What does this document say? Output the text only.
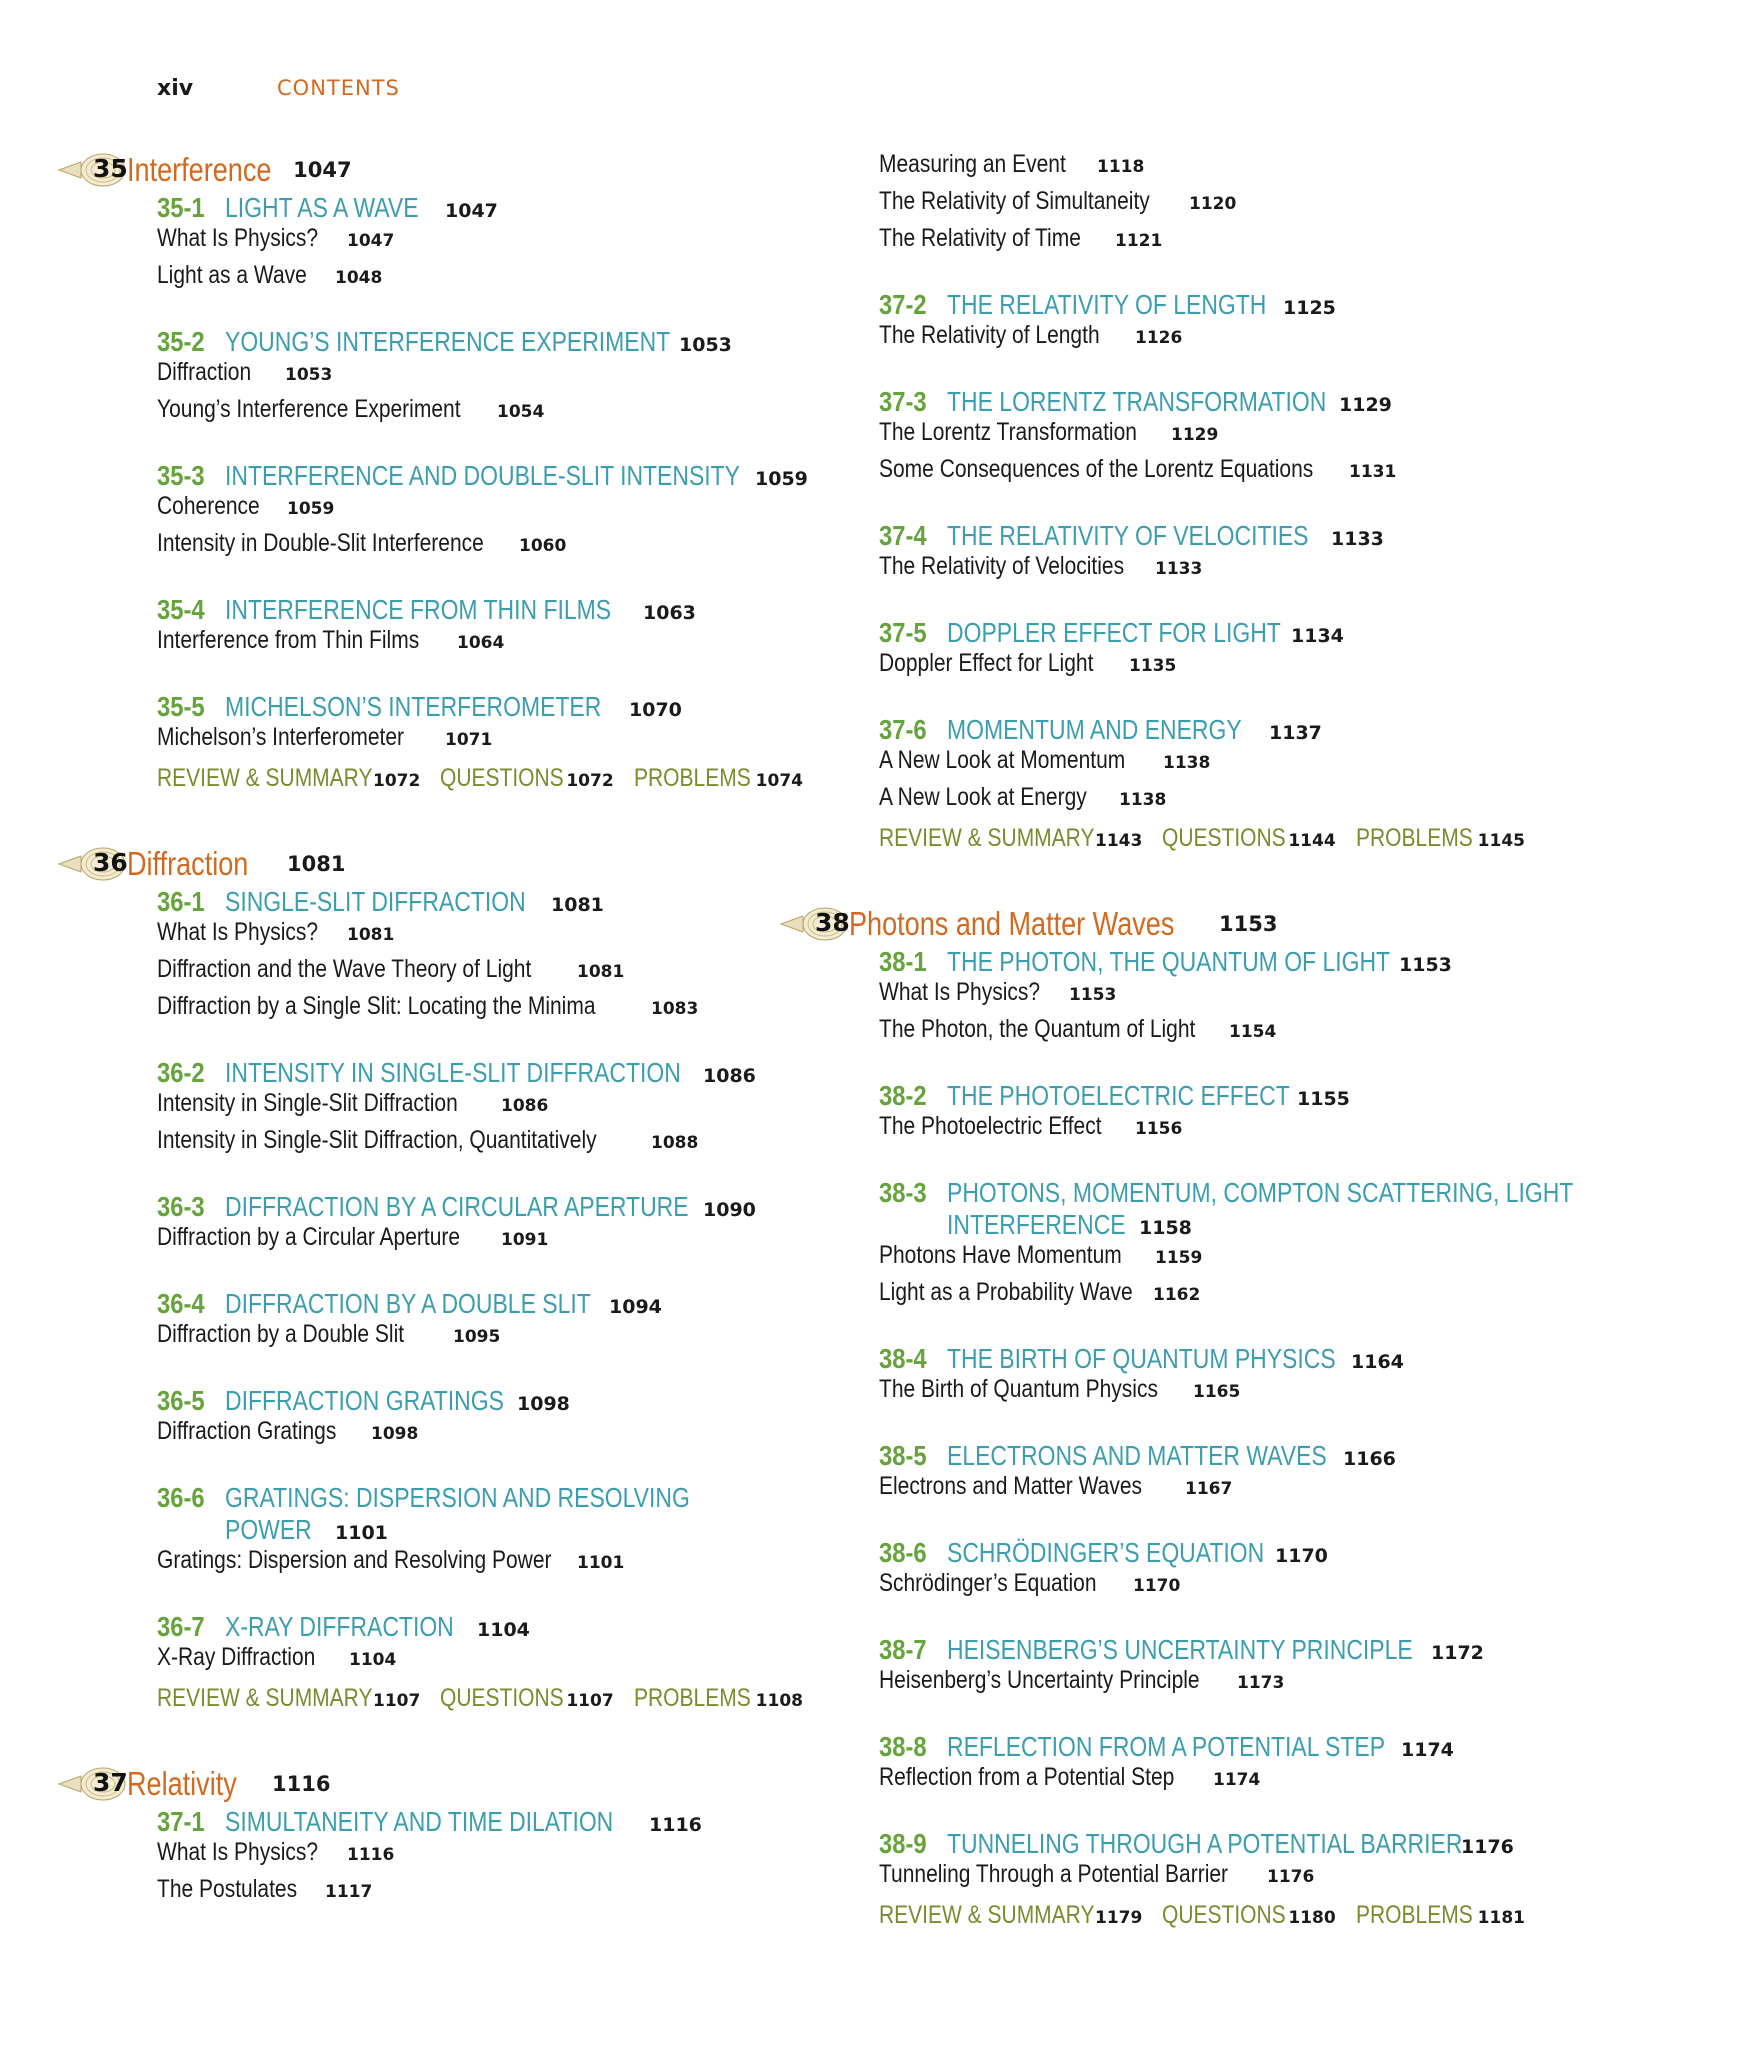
xiv	CONTENTS
35 Interference 1047
35-1 LIGHT AS A WAVE 1047
What Is Physics? 1047
Light as a Wave 1048
35-2 YOUNG’S INTERFERENCE EXPERIMENT 1053
Diffraction	1053
Young’s Interference Experiment 1054
35-3 INTERFERENCE AND DOUBLE-SLIT INTENSITY 1059
Coherence	1059
Intensity in Double-Slit Interference 1060
35-4 INTERFERENCE FROM THIN FILMS 1063
Interference from Thin Films 1064
35-5 MICHELSON’S INTERFEROMETER 1070
Michelson’s Interferometer 1071
REVIEW & SUMMARY 1072 QUESTIONS 1072 PROBLEMS 1074
36 Diffraction	1081
36-1 SINGLE-SLIT DIFFRACTION 1081
What Is Physics? 1081
Diffraction and the Wave Theory of Light	1081
Diffraction by a Single Slit: Locating the Minima	1083
36-2 INTENSITY IN SINGLE-SLIT DIFFRACTION 1086
Intensity in Single-Slit Diffraction	1086
Intensity in Single-Slit Diffraction, Quantitatively	1088
36-3 DIFFRACTION BY A CIRCULAR APERTURE 1090
Diffraction by a Circular Aperture 1091
36-4 DIFFRACTION BY A DOUBLE SLIT 1094
Diffraction by a Double Slit	1095
36-5 DIFFRACTION GRATINGS 1098
Diffraction Gratings 1098
36-6 GRATINGS: DISPERSION AND RESOLVING
POWER 1101
Gratings: Dispersion and Resolving Power 1101
36-7 X-RAY DIFFRACTION 1104
X-Ray Diffraction 1104
REVIEW & SUMMARY 1107 QUESTIONS 1107 PROBLEMS 1108
37 Relativity	1116
37-1 SIMULTANEITY AND TIME DILATION 1116
What Is Physics? 1116
The Postulates 1117
Measuring an Event 1118
The Relativity of Simultaneity 1120
The Relativity of Time 1121
37-2 THE RELATIVITY OF LENGTH 1125
The Relativity of Length 1126
37-3 THE LORENTZ TRANSFORMATION 1129
The Lorentz Transformation 1129
Some Consequences of the Lorentz Equations 1131
37-4 THE RELATIVITY OF VELOCITIES 1133
The Relativity of Velocities 1133
37-5 DOPPLER EFFECT FOR LIGHT 1134
Doppler Effect for Light 1135
37-6 MOMENTUM AND ENERGY 1137
A New Look at Momentum 1138
A New Look at Energy 1138
REVIEW & SUMMARY 1143 QUESTIONS 1144 PROBLEMS 1145
38 Photons and Matter Waves 1153
38-1 THE PHOTON, THE QUANTUM OF LIGHT 1153
What Is Physics? 1153
The Photon, the Quantum of Light 1154
38-2 THE PHOTOELECTRIC EFFECT 1155
The Photoelectric Effect 1156
38-3 PHOTONS, MOMENTUM, COMPTON SCATTERING, LIGHT
INTERFERENCE 1158
Photons Have Momentum 1159
Light as a Probability Wave 1162
38-4 THE BIRTH OF QUANTUM PHYSICS 1164
The Birth of Quantum Physics 1165
38-5 ELECTRONS AND MATTER WAVES 1166
Electrons and Matter Waves	1167
38-6 SCHRÖDINGER’S EQUATION 1170
Schrödinger’s Equation 1170
38-7 HEISENBERG’S UNCERTAINTY PRINCIPLE 1172
Heisenberg’s Uncertainty Principle 1173
38-8 REFLECTION FROM A POTENTIAL STEP 1174
Reflection from a Potential Step 1174
38-9 TUNNELING THROUGH A POTENTIAL BARRIER
1176
Tunneling Through a Potential Barrier 1176
REVIEW & SUMMARY 1179 QUESTIONS 1180 PROBLEMS 1181
